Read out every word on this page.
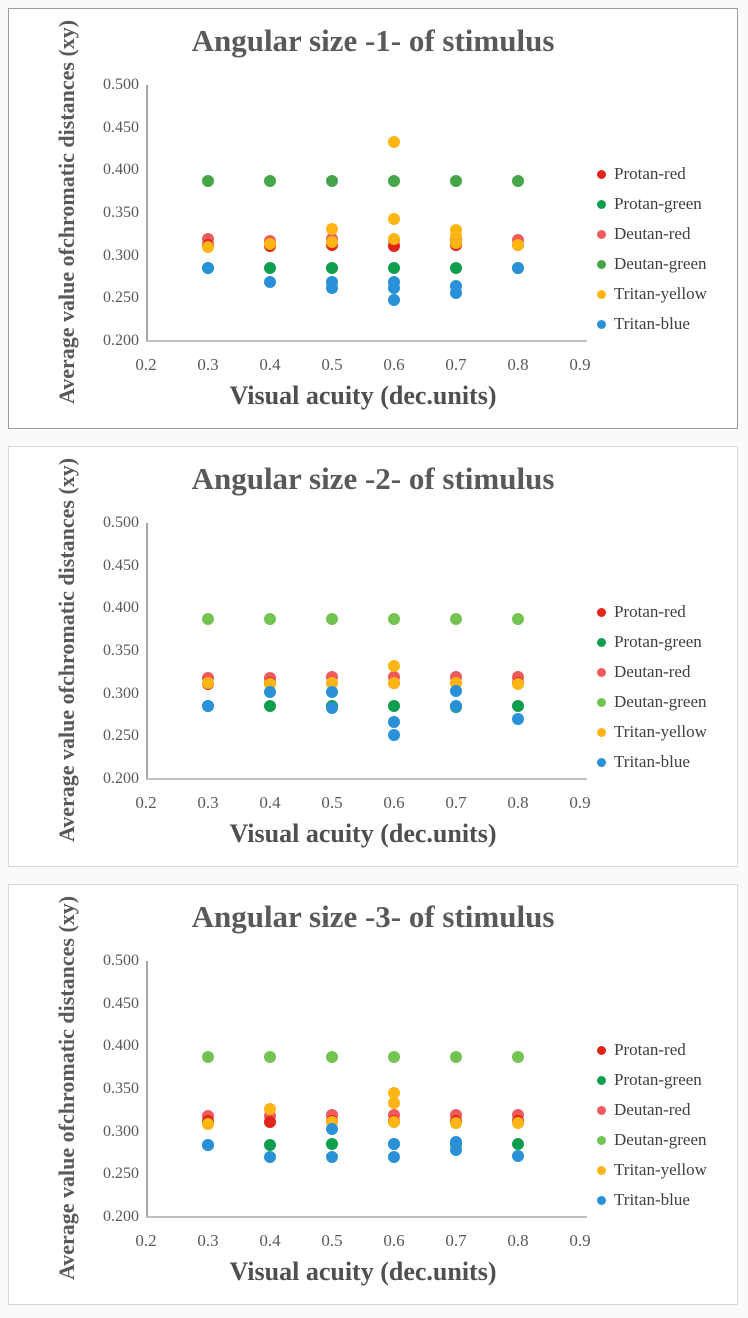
Angular size -1- of stimulus
Average value of
chromatic distances (xy)	0.500
0.450
0.400
0.350
0.300
0.250
0.200
0.2	0.3	0.4	0.5	0.6	0.7	0.8	0.9
Visual acuity (dec.units)
Protan-red
Protan-green
Deutan-red
Deutan-green
Tritan-yellow
Tritan-blue
Angular size -2- of stimulus
Average value of
chromatic distances (xy)	0.500
0.450
0.400
0.350
0.300
0.250
0.200
0.2	0.3	0.4	0.5	0.6	0.7	0.8	0.9
Visual acuity (dec.units)
Protan-red
Protan-green
Deutan-red
Deutan-green
Tritan-yellow
Tritan-blue
Angular size -3- of stimulus
Average value of
chromatic distances (xy)	0.500
0.450
0.400
0.350
0.300
0.250
0.200
0.2	0.3	0.4	0.5	0.6	0.7	0.8	0.9
Visual acuity (dec.units)
Protan-red
Protan-green
Deutan-red
Deutan-green
Tritan-yellow
Tritan-blue
